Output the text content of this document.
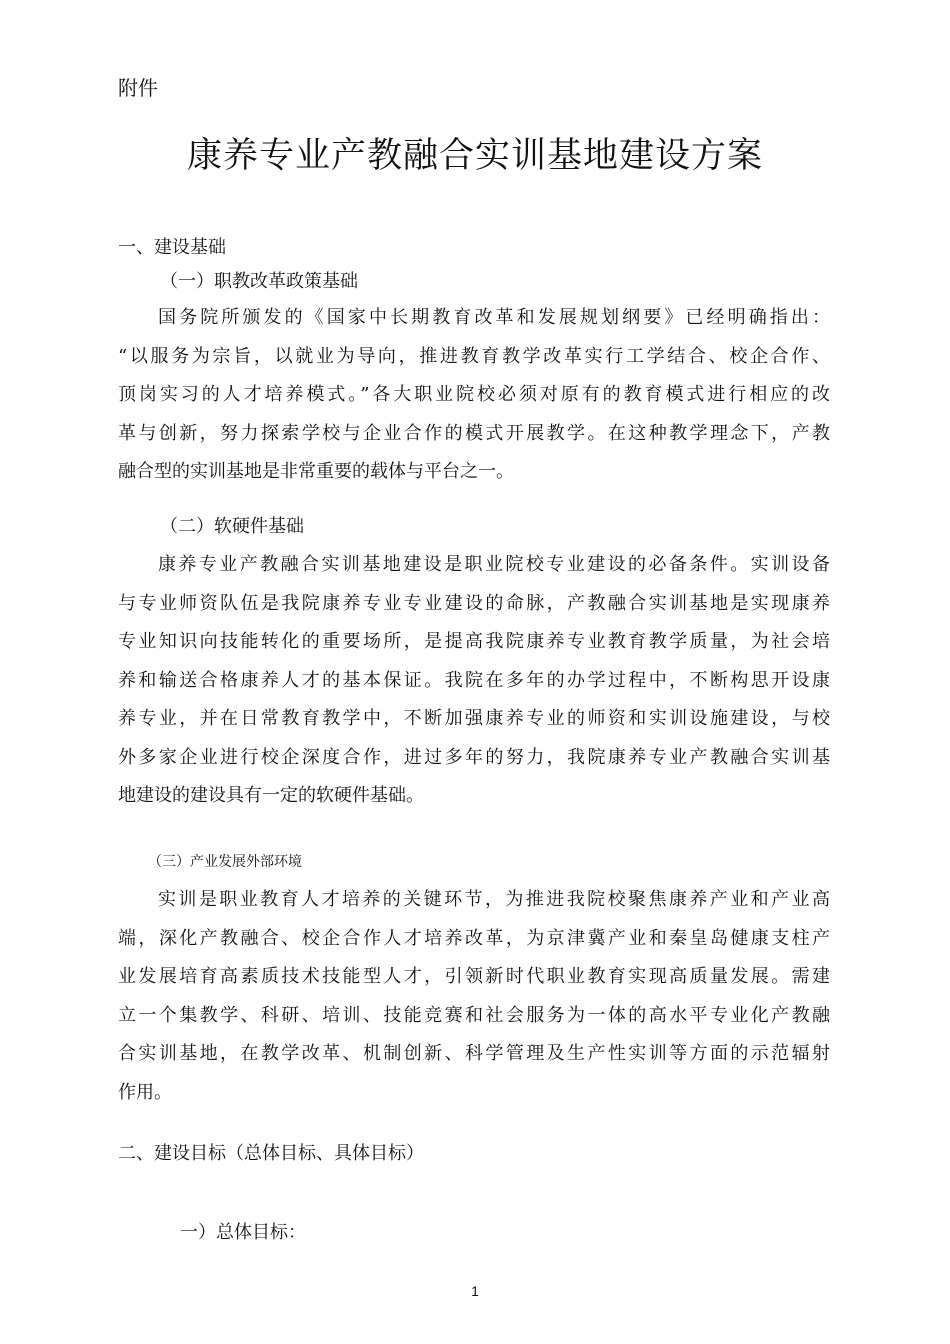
附件
康养专业产教融合实训基地建设方案
一、建设基础
（一）职教改革政策基础
国务院所颁发的《国家中长期教育改革和发展规划纲要》已经明确指出：
“以服务为宗旨，以就业为导向，推进教育教学改革实行工学结合、校企合作、
顶岗实习的人才培养模式。”各大职业院校必须对原有的教育模式进行相应的改
革与创新，努力探索学校与企业合作的模式开展教学。在这种教学理念下，产教
融合型的实训基地是非常重要的载体与平台之一。
（二）软硬件基础
康养专业产教融合实训基地建设是职业院校专业建设的必备条件。实训设备
与专业师资队伍是我院康养专业专业建设的命脉，产教融合实训基地是实现康养
专业知识向技能转化的重要场所，是提高我院康养专业教育教学质量，为社会培
养和输送合格康养人才的基本保证。我院在多年的办学过程中，不断构思开设康
养专业，并在日常教育教学中，不断加强康养专业的师资和实训设施建设，与校
外多家企业进行校企深度合作，进过多年的努力，我院康养专业产教融合实训基
地建设的建设具有一定的软硬件基础。
（三）产业发展外部环境
实训是职业教育人才培养的关键环节，为推进我院校聚焦康养产业和产业高
端，深化产教融合、校企合作人才培养改革，为京津冀产业和秦皇岛健康支柱产
业发展培育高素质技术技能型人才，引领新时代职业教育实现高质量发展。需建
立一个集教学、科研、培训、技能竞赛和社会服务为一体的高水平专业化产教融
合实训基地，在教学改革、机制创新、科学管理及生产性实训等方面的示范辐射
作用。
二、建设目标（总体目标、具体目标）
一）总体目标：
1
